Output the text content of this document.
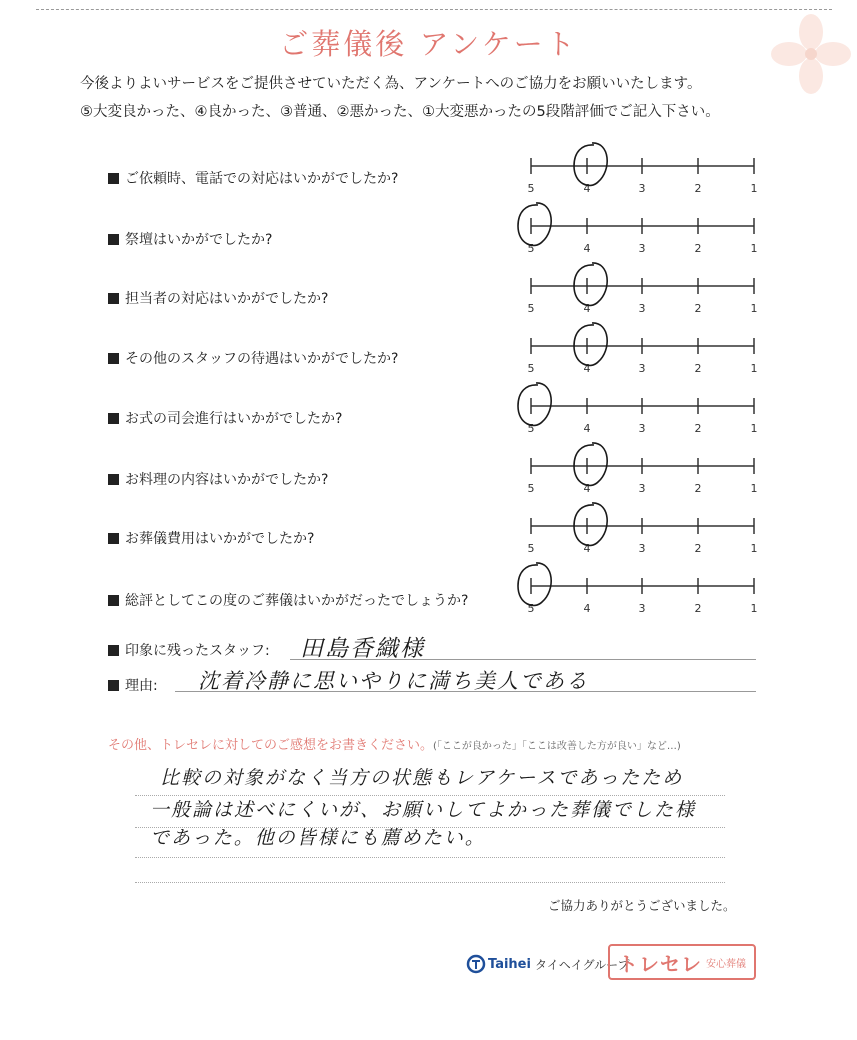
ご葬儀後 アンケート
今後よりよいサービスをご提供させていただく為、アンケートへのご協力をお願いいたします。
⑤大変良かった、④良かった、③普通、②悪かった、①大変悪かったの5段階評価でご記入下さい。
ご依頼時、電話での対応はいかがでしたか?
5	4	3	2	1
祭壇はいかがでしたか?
5	4	3	2	1
担当者の対応はいかがでしたか?
5	4	3	2	1
その他のスタッフの待遇はいかがでしたか?
5	4	3	2	1
お式の司会進行はいかがでしたか?
5	4	3	2	1
お料理の内容はいかがでしたか?
5	4	3	2	1
お葬儀費用はいかがでしたか?
5	4	3	2	1
総評としてこの度のご葬儀はいかがだったでしょうか?	5	4	3	2	1
印象に残ったスタッフ: 田島香織様
理由: 沈着冷静に思いやりに満ち美人である
その他、トレセレに対してのご感想をお書きください。(「ここが良かった」「ここは改善した方が良い」など…)
比較の対象がなく当方の状態もレアケースであったため
一般論は述べにくいが、お願いしてよかった葬儀でした様
であった。他の皆様にも薦めたい。
ご協力ありがとうございました。
Taihei タイヘイグループ
トレセレ 安心葬儀
